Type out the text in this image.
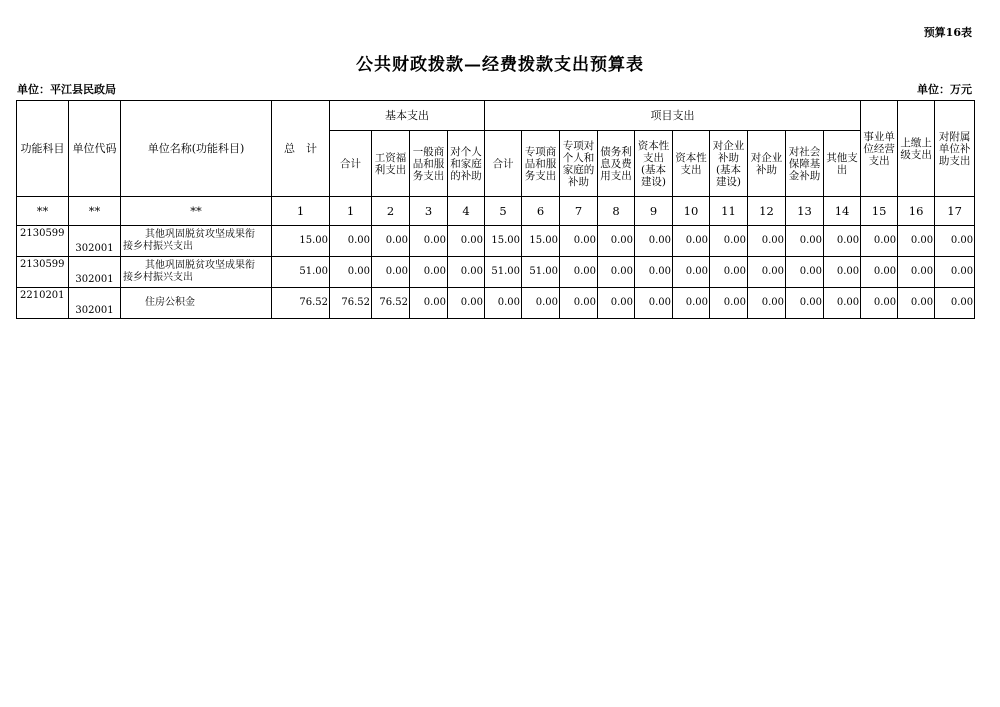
预算16表
公共财政拨款—经费拨款支出预算表
单位：平江县民政局	单位：万元
功能科目	单位代码	单位名称(功能科目)	总　计	基本支出				项目支出										事业单位经营支出	上缴上级支出	对附属单位补助支出
				合计	工资福利支出	一般商品和服务支出	对个人和家庭的补助	合计	专项商品和服务支出	专项对个人和家庭的补助	债务利息及费用支出	资本性支出(基本建设)	资本性支出	对企业补助(基本建设)	对企业补助	对社会保障基金补助	其他支出			
**	**	**	1	1	2	3	4	5	6	7	8	9	10	11	12	13	14	15	16	17
2130599	302001	其他巩固脱贫攻坚成果衔
接乡村振兴支出	15.00	0.00	0.00	0.00	0.00	15.00	15.00	0.00	0.00	0.00	0.00	0.00	0.00	0.00	0.00	0.00	0.00	0.00
2130599	302001	其他巩固脱贫攻坚成果衔
接乡村振兴支出	51.00	0.00	0.00	0.00	0.00	51.00	51.00	0.00	0.00	0.00	0.00	0.00	0.00	0.00	0.00	0.00	0.00	0.00
2210201	302001	住房公积金	76.52	76.52	76.52	0.00	0.00	0.00	0.00	0.00	0.00	0.00	0.00	0.00	0.00	0.00	0.00	0.00	0.00	0.00
